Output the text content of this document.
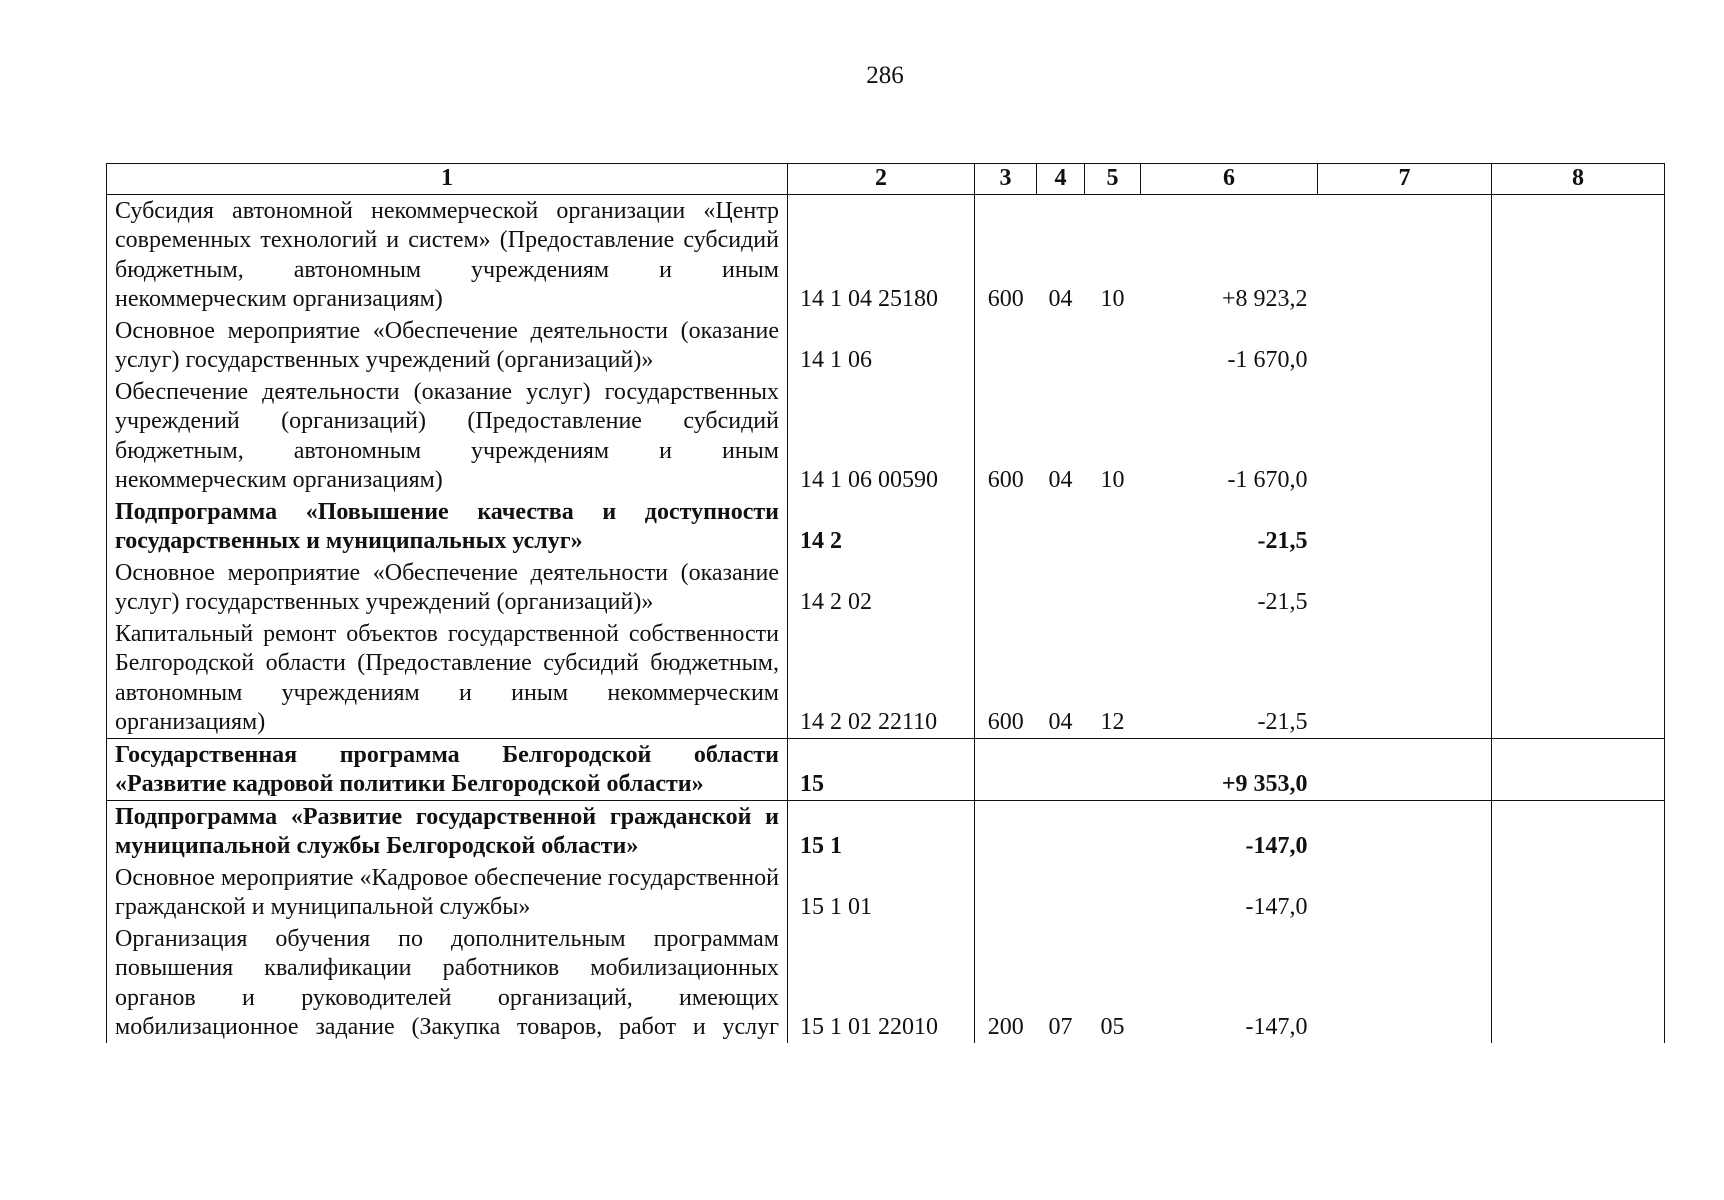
286
1	2	3	4	5	6	7	8
Субсидия автономной некоммерческой организации «Центр современных технологий и систем» (Предоставление субсидий бюджетным, автономным учреждениям и иным некоммерческим организациям)	14 1 04 25180	600	04	10	+8 923,2		
Основное мероприятие «Обеспечение деятельности (оказание услуг) государственных учреждений (организаций)»	14 1 06				-1 670,0		
Обеспечение деятельности (оказание услуг) государственных учреждений (организаций) (Предоставление субсидий бюджетным, автономным учреждениям и иным некоммерческим организациям)	14 1 06 00590	600	04	10	-1 670,0		
Подпрограмма «Повышение качества и доступности государственных и муниципальных услуг»	14 2				-21,5		
Основное мероприятие «Обеспечение деятельности (оказание услуг) государственных учреждений (организаций)»	14 2 02				-21,5		
Капитальный ремонт объектов государственной собственности Белгородской области (Предоставление субсидий бюджетным, автономным учреждениям и иным некоммерческим организациям)	14 2 02 22110	600	04	12	-21,5		
Государственная программа Белгородской области «Развитие кадровой политики Белгородской области»	15				+9 353,0		
Подпрограмма «Развитие государственной гражданской и муниципальной службы Белгородской области»	15 1				-147,0		
Основное мероприятие «Кадровое обеспечение государственной гражданской и муниципальной службы»	15 1 01				-147,0		
Организация обучения по дополнительным программам повышения квалификации работников мобилизационных органов и руководителей организаций, имеющих мобилизационное задание (Закупка товаров, работ и услуг	15 1 01 22010	200	07	05	-147,0		
